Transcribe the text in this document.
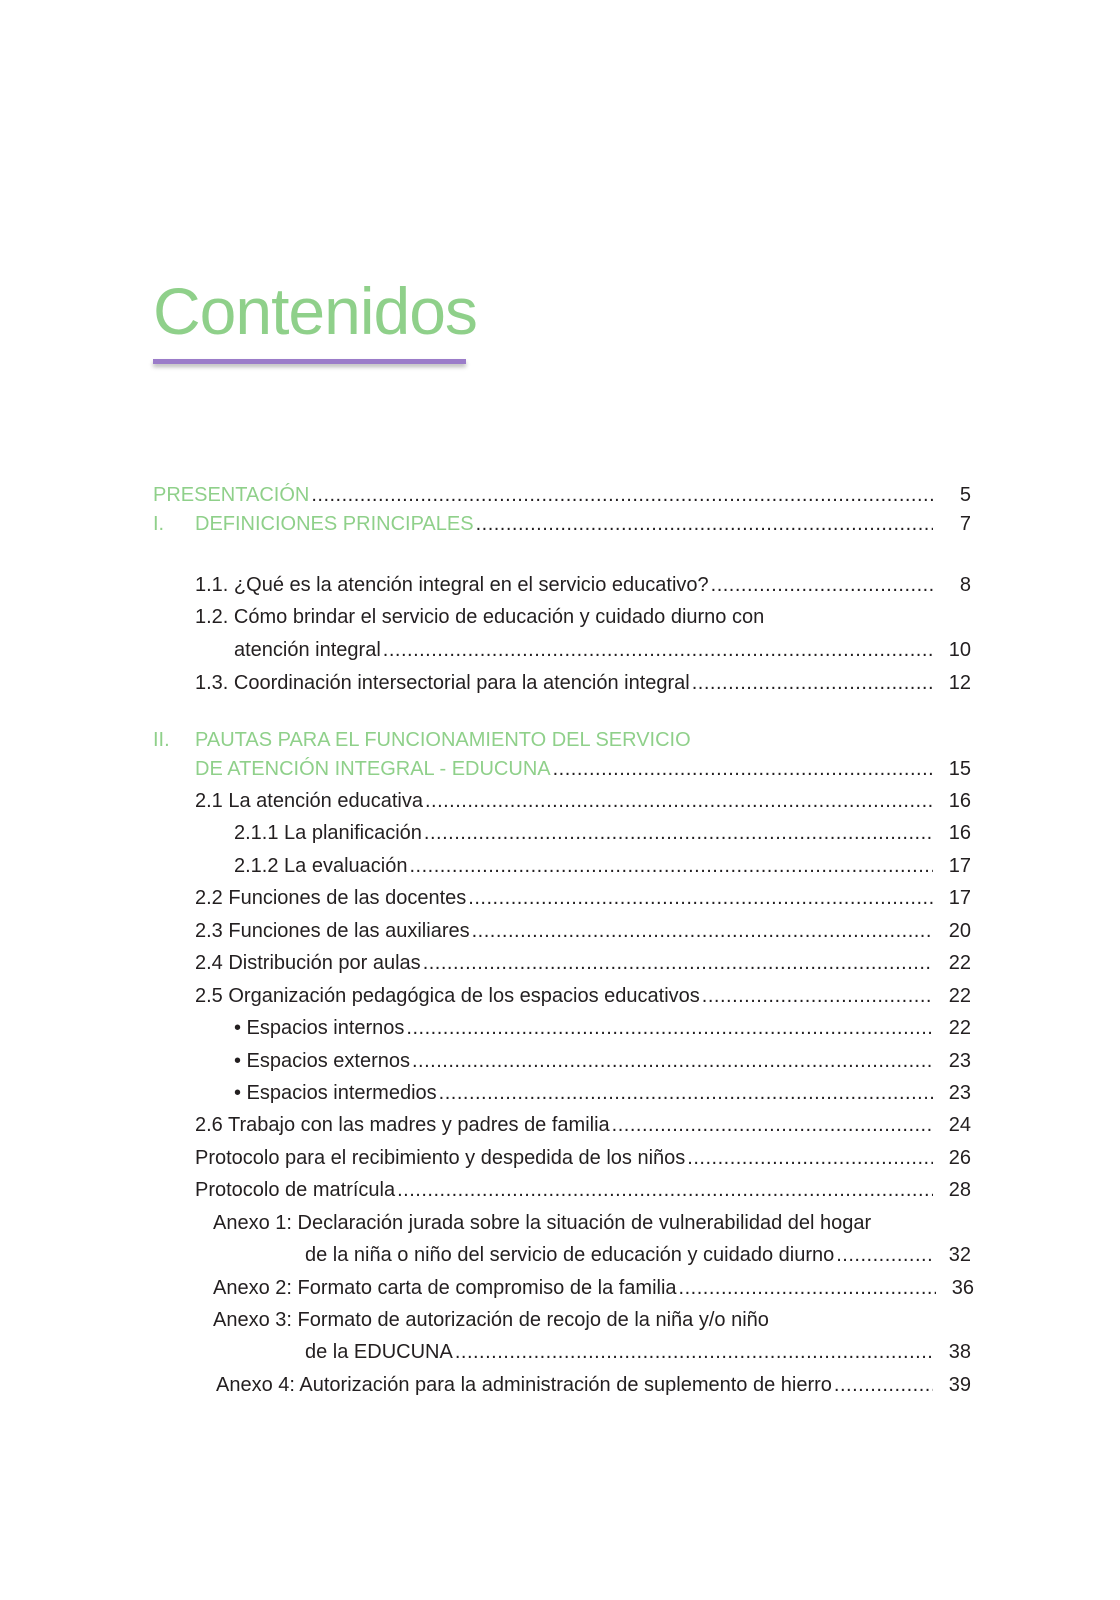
Contenidos
PRESENTACIÓN .....	5
I. DEFINICIONES PRINCIPALES .....	7
1.1. ¿Qué es la atención integral en el servicio educativo? .....	8
1.2. Cómo brindar el servicio de educación y cuidado diurno con
atención integral .....	10
1.3. Coordinación intersectorial para la atención integral .....	12
II. PAUTAS PARA EL FUNCIONAMIENTO DEL SERVICIO
DE ATENCIÓN INTEGRAL - EDUCUNA .....	15
2.1 La atención educativa .....	16
2.1.1 La planificación .....	16
2.1.2 La evaluación .....	17
2.2 Funciones de las docentes .....	17
2.3 Funciones de las auxiliares .....	20
2.4 Distribución por aulas .....	22
2.5 Organización pedagógica de los espacios educativos .....	22
• Espacios internos .....	22
• Espacios externos .....	23
• Espacios intermedios .....	23
2.6 Trabajo con las madres y padres de familia .....	24
Protocolo para el recibimiento y despedida de los niños .....	26
Protocolo de matrícula .....	28
Anexo 1: Declaración jurada sobre la situación de vulnerabilidad del hogar
de la niña o niño del servicio de educación y cuidado diurno .....	32
Anexo 2: Formato carta de compromiso de la familia .....	36
Anexo 3: Formato de autorización de recojo de la niña y/o niño
de la EDUCUNA .....	38
Anexo 4: Autorización para la administración de suplemento de hierro .....	39
